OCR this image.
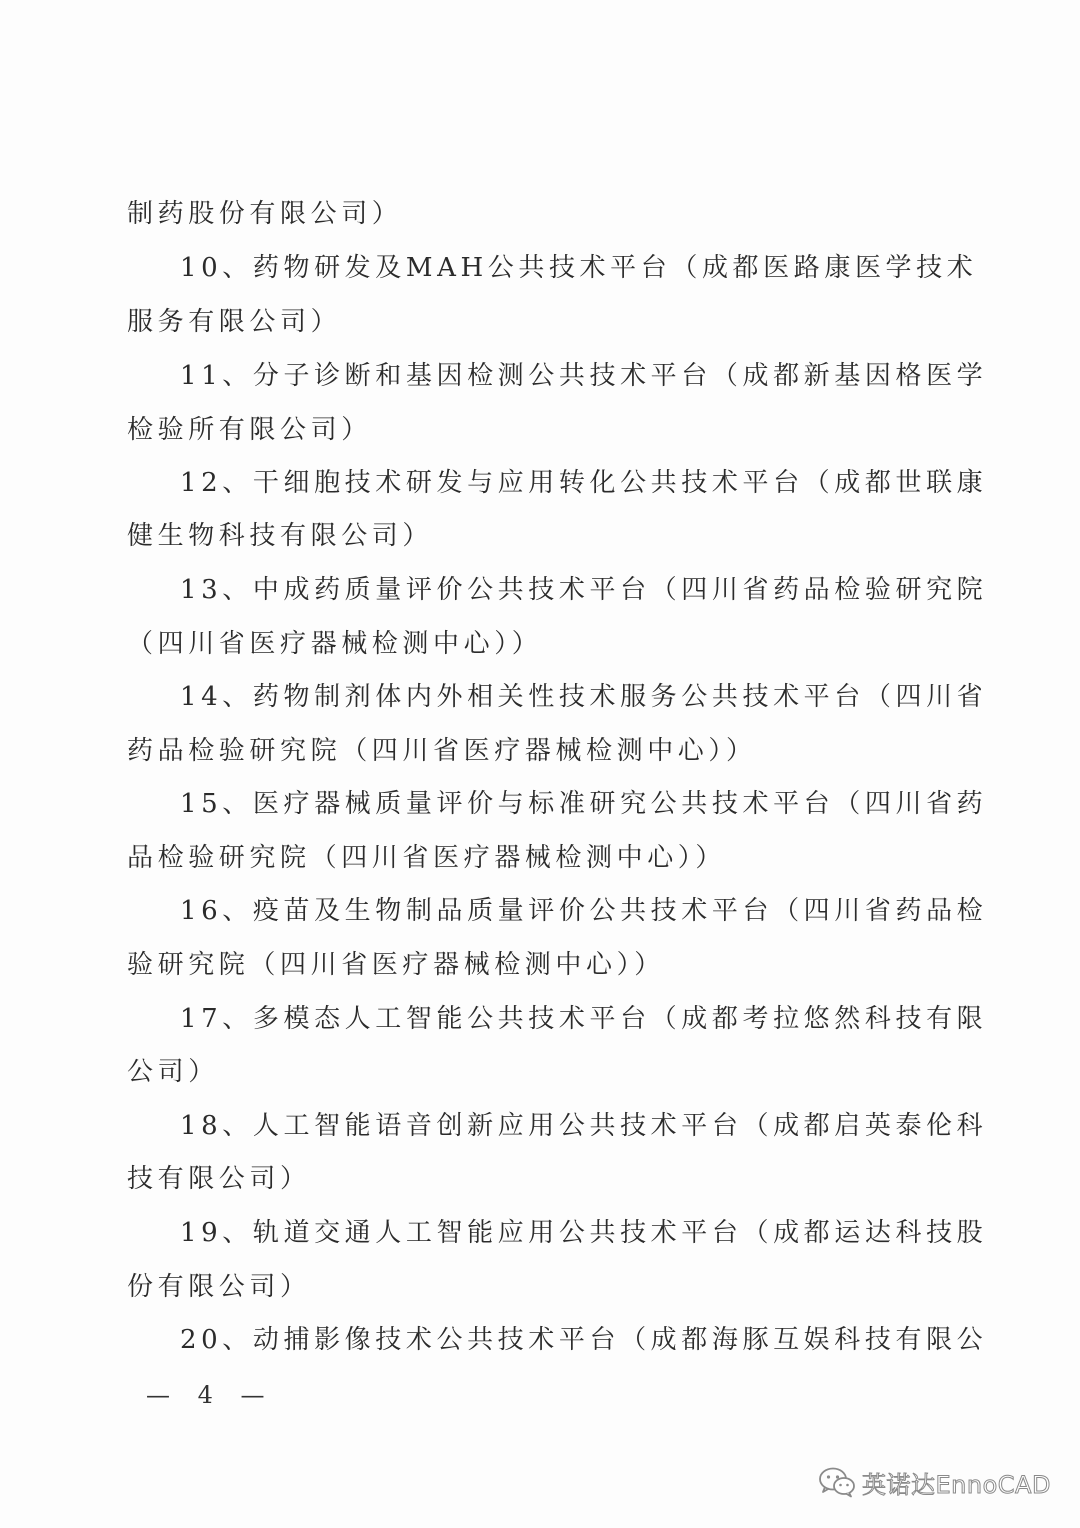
制药股份有限公司）
10、药物研发及MAH公共技术平台（成都医路康医学技术
服务有限公司）
11、分子诊断和基因检测公共技术平台（成都新基因格医学
检验所有限公司）
12、干细胞技术研发与应用转化公共技术平台（成都世联康
健生物科技有限公司）
13、中成药质量评价公共技术平台（四川省药品检验研究院
（四川省医疗器械检测中心））
14、药物制剂体内外相关性技术服务公共技术平台（四川省
药品检验研究院（四川省医疗器械检测中心））
15、医疗器械质量评价与标准研究公共技术平台（四川省药
品检验研究院（四川省医疗器械检测中心））
16、疫苗及生物制品质量评价公共技术平台（四川省药品检
验研究院（四川省医疗器械检测中心））
17、多模态人工智能公共技术平台（成都考拉悠然科技有限
公司）
18、人工智能语音创新应用公共技术平台（成都启英泰伦科
技有限公司）
19、轨道交通人工智能应用公共技术平台（成都运达科技股
份有限公司）
20、动捕影像技术公共技术平台（成都海豚互娱科技有限公
— 4 —
英诺达EnnoCAD
